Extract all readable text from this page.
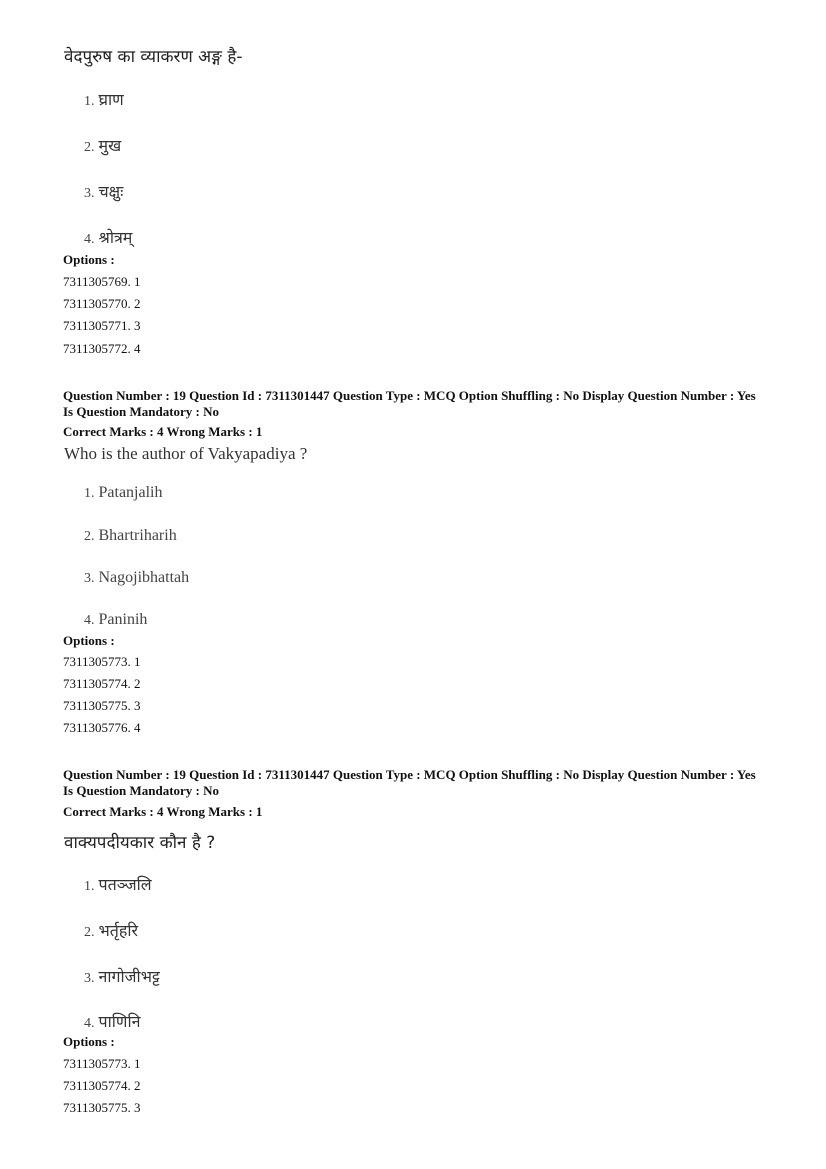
वेदपुरुष का व्याकरण अङ्ग है-
1. घ्राण
2. मुख
3. चक्षुः
4. श्रोत्रम्
Options :
7311305769. 1
7311305770. 2
7311305771. 3
7311305772. 4
Question Number : 19 Question Id : 7311301447 Question Type : MCQ Option Shuffling : No Display Question Number : Yes Is Question Mandatory : No
Correct Marks : 4 Wrong Marks : 1
Who is the author of Vakyapadiya ?
1. Patanjalih
2. Bhartriharih
3. Nagojibhattah
4. Paninih
Options :
7311305773. 1
7311305774. 2
7311305775. 3
7311305776. 4
Question Number : 19 Question Id : 7311301447 Question Type : MCQ Option Shuffling : No Display Question Number : Yes Is Question Mandatory : No
Correct Marks : 4 Wrong Marks : 1
वाक्यपदीयकार कौन है ?
1. पतञ्जलि
2. भर्तृहरि
3. नागोजीभट्ट
4. पाणिनि
Options :
7311305773. 1
7311305774. 2
7311305775. 3
